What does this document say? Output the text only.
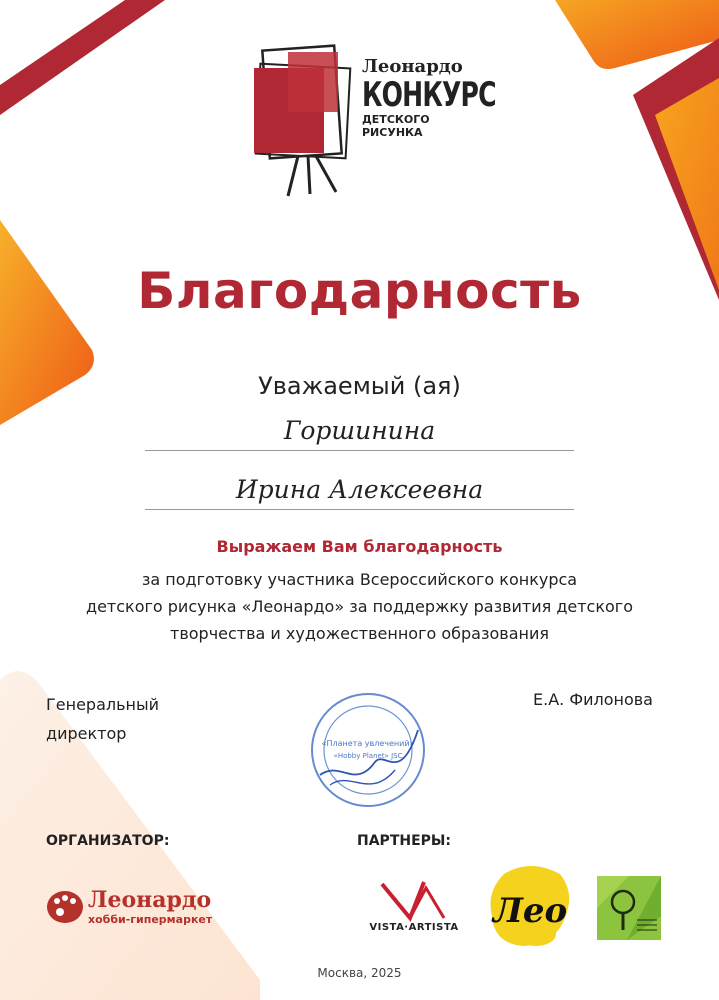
Леонардо
КОНКУРС
ДЕТСКОГО
РИСУНКА
Благодарность
Уважаемый (ая)
Горшинина
Ирина Алексеевна
Выражаем Вам благодарность
за подготовку участника Всероссийского конкурса
детского рисунка «Леонардо» за поддержку развития детского
творчества и художественного образования
Генеральный
директор
Е.А. Филонова
«Планета увлечений»
«Hobby Planet» JSC
ОРГАНИЗАТОР:	ПАРТНЕРЫ:
Леонардо
хобби-гипермаркет
VISTA·ARTISTA	Лео
Москва, 2025
